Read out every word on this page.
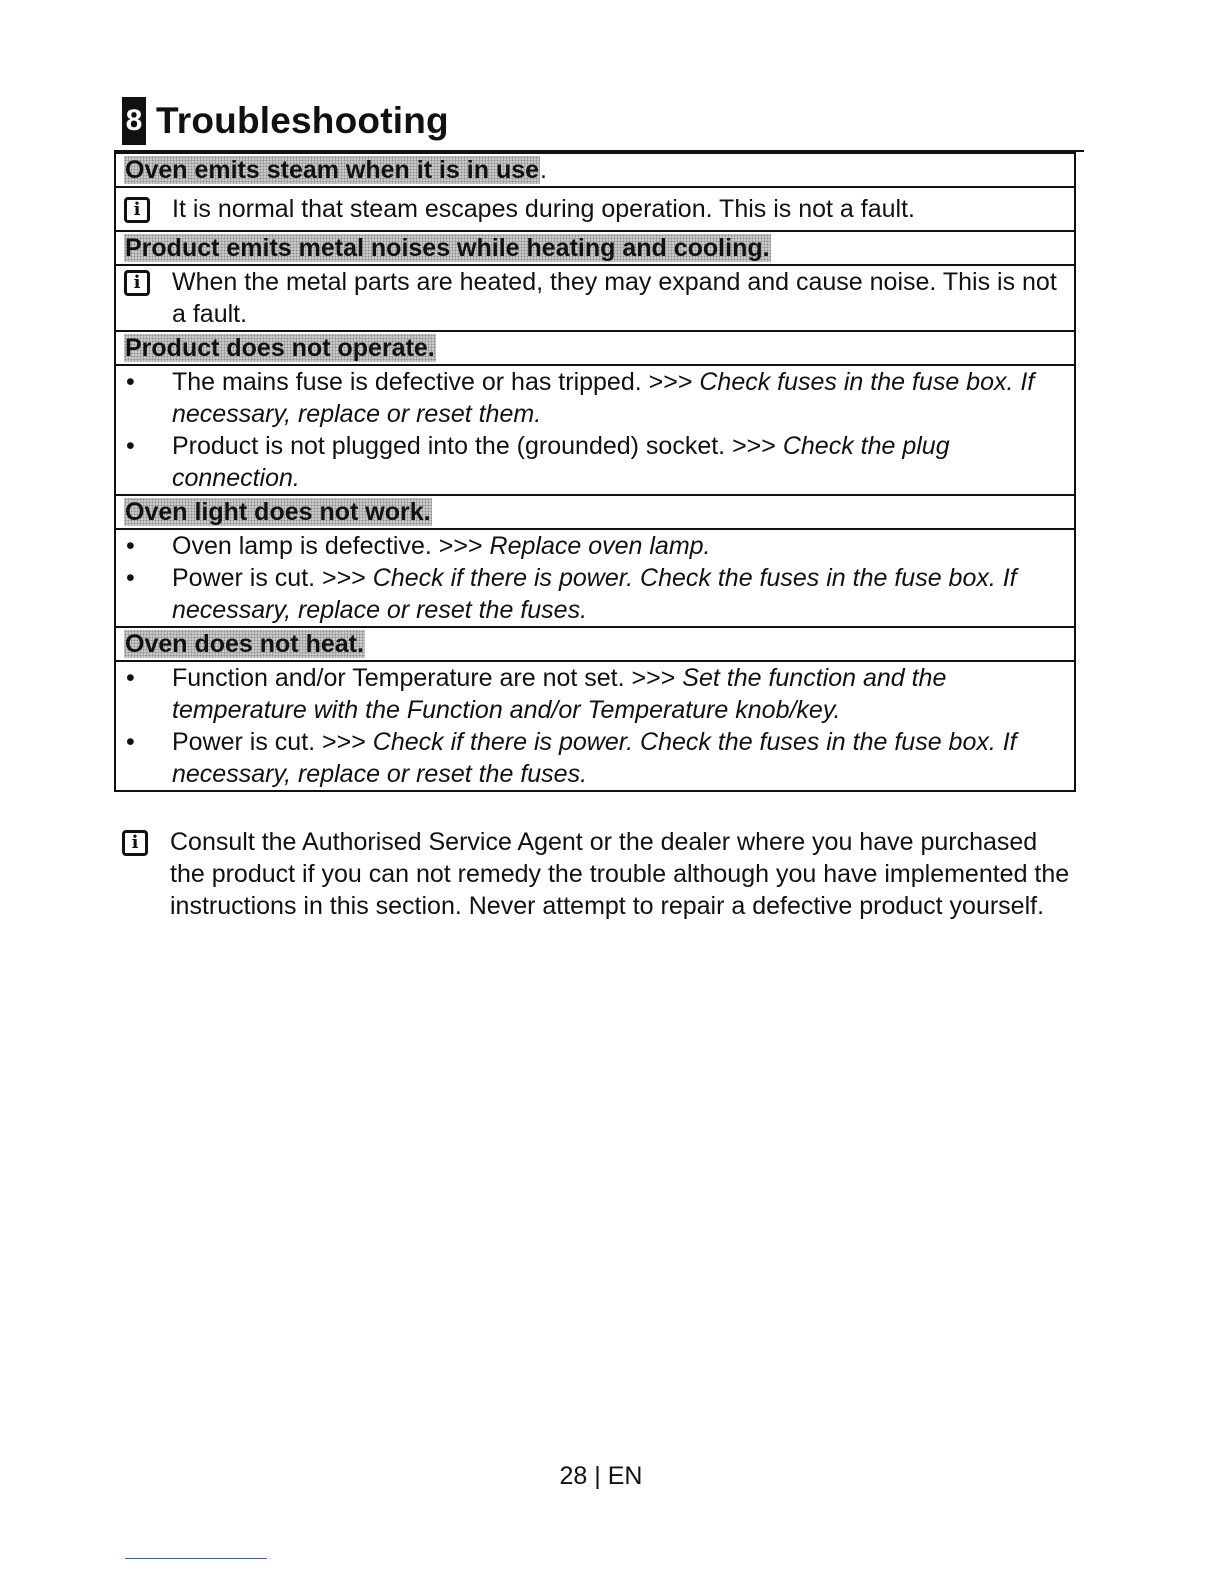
8 Troubleshooting
Oven emits steam when it is in use.

i	It is normal that steam escapes during operation. This is not a fault.

Product emits metal noises while heating and cooling.

i	When the metal parts are heated, they may expand and cause noise. This is not a fault.

Product does not operate.

• The mains fuse is defective or has tripped. >>> Check fuses in the fuse box. If necessary, replace or reset them.
• Product is not plugged into the (grounded) socket. >>> Check the plug connection.

Oven light does not work.

• Oven lamp is defective. >>> Replace oven lamp.
• Power is cut. >>> Check if there is power. Check the fuses in the fuse box. If necessary, replace or reset the fuses.

Oven does not heat.

• Function and/or Temperature are not set. >>> Set the function and the temperature with the Function and/or Temperature knob/key.
• Power is cut. >>> Check if there is power. Check the fuses in the fuse box. If necessary, replace or reset the fuses.
i	Consult the Authorised Service Agent or the dealer where you have purchased the product if you can not remedy the trouble although you have implemented the instructions in this section. Never attempt to repair a defective product yourself.
28 | EN
